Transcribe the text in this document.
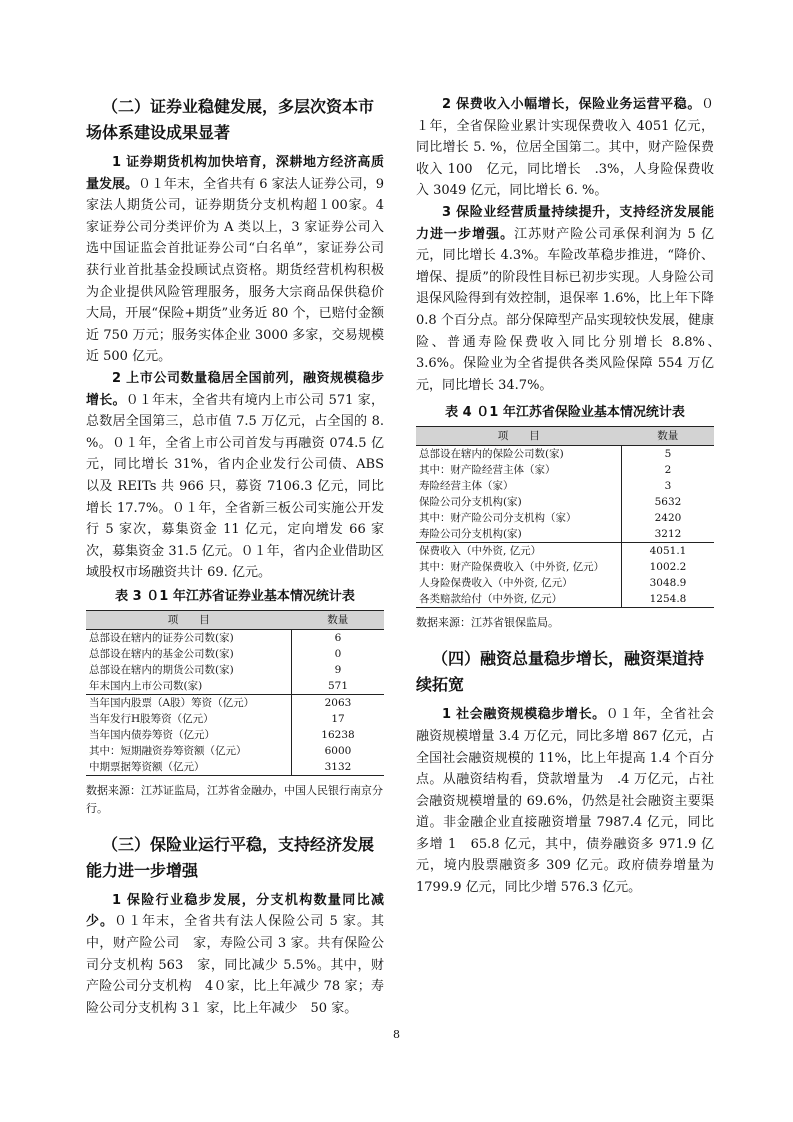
（二）证券业稳健发展，多层次资本市场体系建设成果显著

1 证券期货机构加快培育，深耕地方经济高质量发展。０１年末，全省共有 6 家法人证券公司，9 家法人期货公司，证券期货分支机构超１00家。4 家证券公司分类评价为 A 类以上，3 家证券公司入选中国证监会首批证券公司“白名单”，家证券公司获行业首批基金投顾试点资格。期货经营机构积极为企业提供风险管理服务，服务大宗商品保供稳价大局，开展“保险+期货”业务近 80 个，已赔付金额近 750 万元；服务实体企业 3000 多家，交易规模近 500 亿元。

2 上市公司数量稳居全国前列，融资规模稳步增长。０１年末，全省共有境内上市公司 571 家，总数居全国第三，总市值 7.5 万亿元，占全国的 8. %。０１年，全省上市公司首发与再融资 074.5 亿元，同比增长 31%，省内企业发行公司债、ABS 以及 REITs 共 966 只，募资 7106.3 亿元，同比增长 17.7%。０１年，全省新三板公司实施公开发行 5 家次，募集资金 11 亿元，定向增发 66 家次，募集资金 31.5 亿元。０１年，省内企业借助区域股权市场融资共计 69. 亿元。

表 3 ０1 年江苏省证券业基本情况统计表
项　　目	数量
总部设在辖内的证券公司数(家)	6
总部设在辖内的基金公司数(家)	0
总部设在辖内的期货公司数(家)	9
年末国内上市公司数(家)	571
当年国内股票（A股）筹资（亿元）	2063
当年发行H股筹资（亿元）	17
当年国内债券筹资（亿元）	16238
其中：短期融资券筹资额（亿元）	6000
中期票据筹资额（亿元）	3132

数据来源：江苏证监局，江苏省金融办，中国人民银行南京分行。

（三）保险业运行平稳，支持经济发展能力进一步增强

1 保险行业稳步发展，分支机构数量同比减少。０１年末，全省共有法人保险公司 5 家。其中，财产险公司　家，寿险公司 3 家。共有保险公司分支机构 563　家，同比减少 5.5%。其中，财产险公司分支机构　4０家，比上年减少 78 家；寿险公司分支机构 3１ 家，比上年减少　50 家。

2 保费收入小幅增长，保险业务运营平稳。０１年，全省保险业累计实现保费收入 4051 亿元，同比增长 5. %，位居全国第二。其中，财产险保费收入 100　亿元，同比增长　.3%，人身险保费收入 3049 亿元，同比增长 6. %。

3 保险业经营质量持续提升，支持经济发展能力进一步增强。江苏财产险公司承保利润为 5 亿元，同比增长 4.3%。车险改革稳步推进，“降价、增保、提质”的阶段性目标已初步实现。人身险公司退保风险得到有效控制，退保率 1.6%，比上年下降 0.8 个百分点。部分保障型产品实现较快发展，健康险、普通寿险保费收入同比分别增长 8.8%、　3.6%。保险业为全省提供各类风险保障 554 万亿元，同比增长 34.7%。

表 4 ０1 年江苏省保险业基本情况统计表
项　　目	数量
总部设在辖内的保险公司数(家)	5
其中：财产险经营主体（家）	2
寿险经营主体（家）	3
保险公司分支机构(家)	5632
其中：财产险公司分支机构（家）	2420
寿险公司分支机构(家)	3212
保费收入（中外资, 亿元）	4051.1
其中：财产险保费收入（中外资, 亿元）	1002.2
人身险保费收入（中外资, 亿元）	3048.9
各类赔款给付（中外资, 亿元）	1254.8

数据来源：江苏省银保监局。

（四）融资总量稳步增长，融资渠道持续拓宽

1 社会融资规模稳步增长。０１年，全省社会融资规模增量 3.4 万亿元，同比多增 867 亿元，占全国社会融资规模的 11%，比上年提高 1.4 个百分点。从融资结构看，贷款增量为　.4 万亿元，占社会融资规模增量的 69.6%，仍然是社会融资主要渠道。非金融企业直接融资增量 7987.4 亿元，同比多增 1　65.8 亿元，其中，债券融资多 971.9 亿元，境内股票融资多 309 亿元。政府债券增量为 1799.9 亿元，同比少增 576.3 亿元。

8
